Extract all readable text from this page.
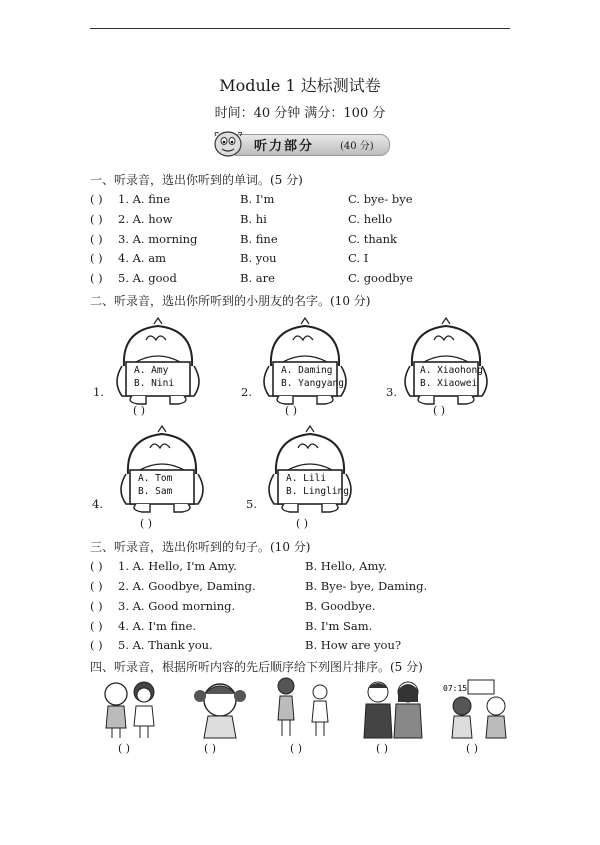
Module 1 达标测试卷
时间：40 分钟 满分：100 分
听力部分	(40 分)
一、听录音，选出你听到的单词。(5 分)
( ) 1. A. fine	B. I'm	C. bye- bye
( ) 2. A. how	B. hi	C. hello
( ) 3. A. morning	B. fine	C. thank
( ) 4. A. am	B. you	C. I
( ) 5. A. good	B. are	C. goodbye
二、听录音，选出你所听到的小朋友的名字。(10 分)
A. Amy
B. Nini
A. Daming
B. Yangyang
A. Xiaohong
B. Xiaowei
A. Tom
B. Sam
A. Lili
B. Lingling
07:15
1.	2.	3.
4.	5.
( )	( )	( )
( )	( )
三、听录音，选出你听到的句子。(10 分)
( ) 1. A. Hello, I'm Amy.	B. Hello, Amy.
( ) 2. A. Goodbye, Daming.	B. Bye- bye, Daming.
( ) 3. A. Good morning.	B. Goodbye.
( ) 4. A. I'm fine.	B. I'm Sam.
( ) 5. A. Thank you.	B. How are you?
四、听录音，根据所听内容的先后顺序给下列图片排序。(5 分)
( )	( )	( )	( )	( )
